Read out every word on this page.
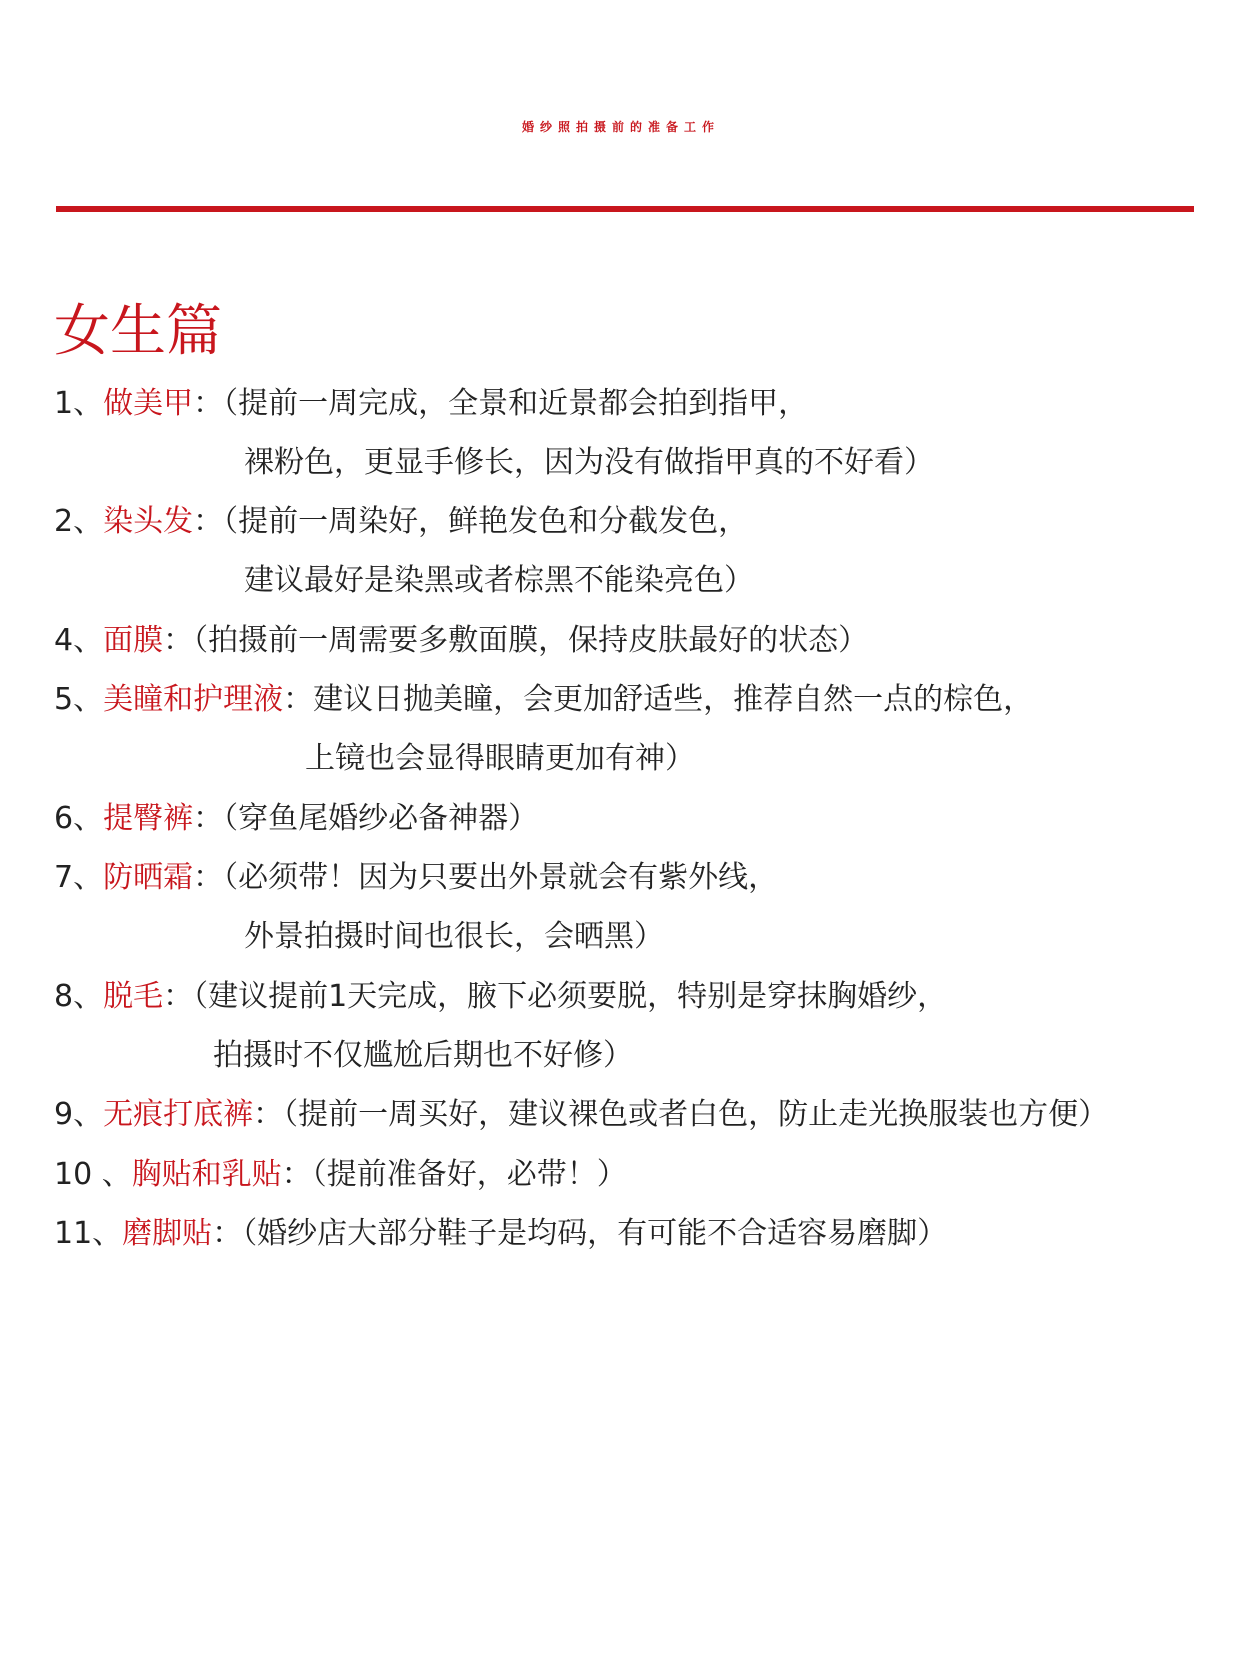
婚纱照拍摄前的准备工作
女生篇
1、做美甲：（提前一周完成，全景和近景都会拍到指甲，
裸粉色，更显手修长，因为没有做指甲真的不好看）
2、染头发：（提前一周染好，鲜艳发色和分截发色，
建议最好是染黑或者棕黑不能染亮色）
4、面膜：（拍摄前一周需要多敷面膜，保持皮肤最好的状态）
5、美瞳和护理液：建议日抛美瞳，会更加舒适些，推荐自然一点的棕色，
上镜也会显得眼睛更加有神）
6、提臀裤：（穿鱼尾婚纱必备神器）
7、防晒霜：（必须带！因为只要出外景就会有紫外线，
外景拍摄时间也很长，会晒黑）
8、脱毛：（建议提前1天完成，腋下必须要脱，特别是穿抹胸婚纱，
拍摄时不仅尴尬后期也不好修）
9、无痕打底裤：（提前一周买好，建议裸色或者白色，防止走光换服装也方便）
10 、胸贴和乳贴：（提前准备好，必带！）
11、磨脚贴：（婚纱店大部分鞋子是均码，有可能不合适容易磨脚）
